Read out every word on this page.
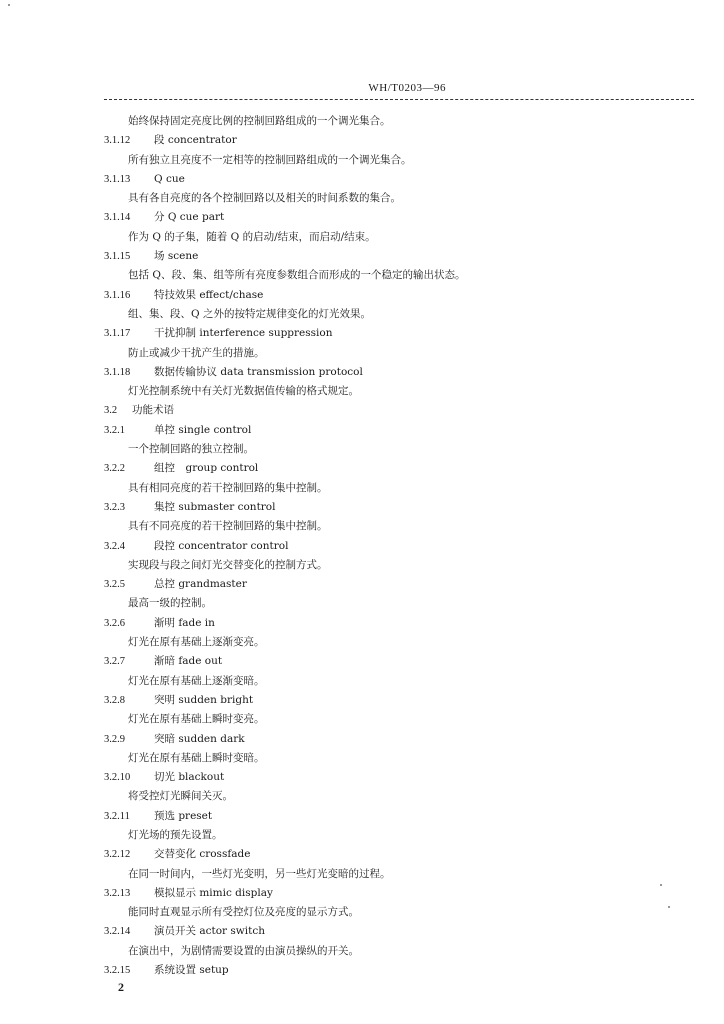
WH/T0203—96
始终保持固定亮度比例的控制回路组成的一个调光集合。
3.1.12 段 concentrator
所有独立且亮度不一定相等的控制回路组成的一个调光集合。
3.1.13 Q cue
具有各自亮度的各个控制回路以及相关的时间系数的集合。
3.1.14 分 Q cue part
作为 Q 的子集，随着 Q 的启动/结束，而启动/结束。
3.1.15 场 scene
包括 Q、段、集、组等所有亮度参数组合而形成的一个稳定的输出状态。
3.1.16 特技效果 effect/chase
组、集、段、Q 之外的按特定规律变化的灯光效果。
3.1.17 干扰抑制 interference suppression
防止或减少干扰产生的措施。
3.1.18 数据传输协议 data transmission protocol
灯光控制系统中有关灯光数据值传输的格式规定。
3.2 功能术语
3.2.1	单控 single control
一个控制回路的独立控制。
3.2.2	组控　group control
具有相同亮度的若干控制回路的集中控制。
3.2.3	集控 submaster control
具有不同亮度的若干控制回路的集中控制。
3.2.4	段控 concentrator control
实现段与段之间灯光交替变化的控制方式。
3.2.5	总控 grandmaster
最高一级的控制。
3.2.6	渐明 fade in
灯光在原有基础上逐渐变亮。
3.2.7	渐暗 fade out
灯光在原有基础上逐渐变暗。
3.2.8	突明 sudden bright
灯光在原有基础上瞬时变亮。
3.2.9	突暗 sudden dark
灯光在原有基础上瞬时变暗。
3.2.10 切光 blackout
将受控灯光瞬间关灭。
3.2.11 预选 preset
灯光场的预先设置。
3.2.12 交替变化 crossfade
在同一时间内，一些灯光变明，另一些灯光变暗的过程。
3.2.13 模拟显示 mimic display
能同时直观显示所有受控灯位及亮度的显示方式。
3.2.14 演员开关 actor switch
在演出中，为剧情需要设置的由演员操纵的开关。
3.2.15 系统设置 setup
2
